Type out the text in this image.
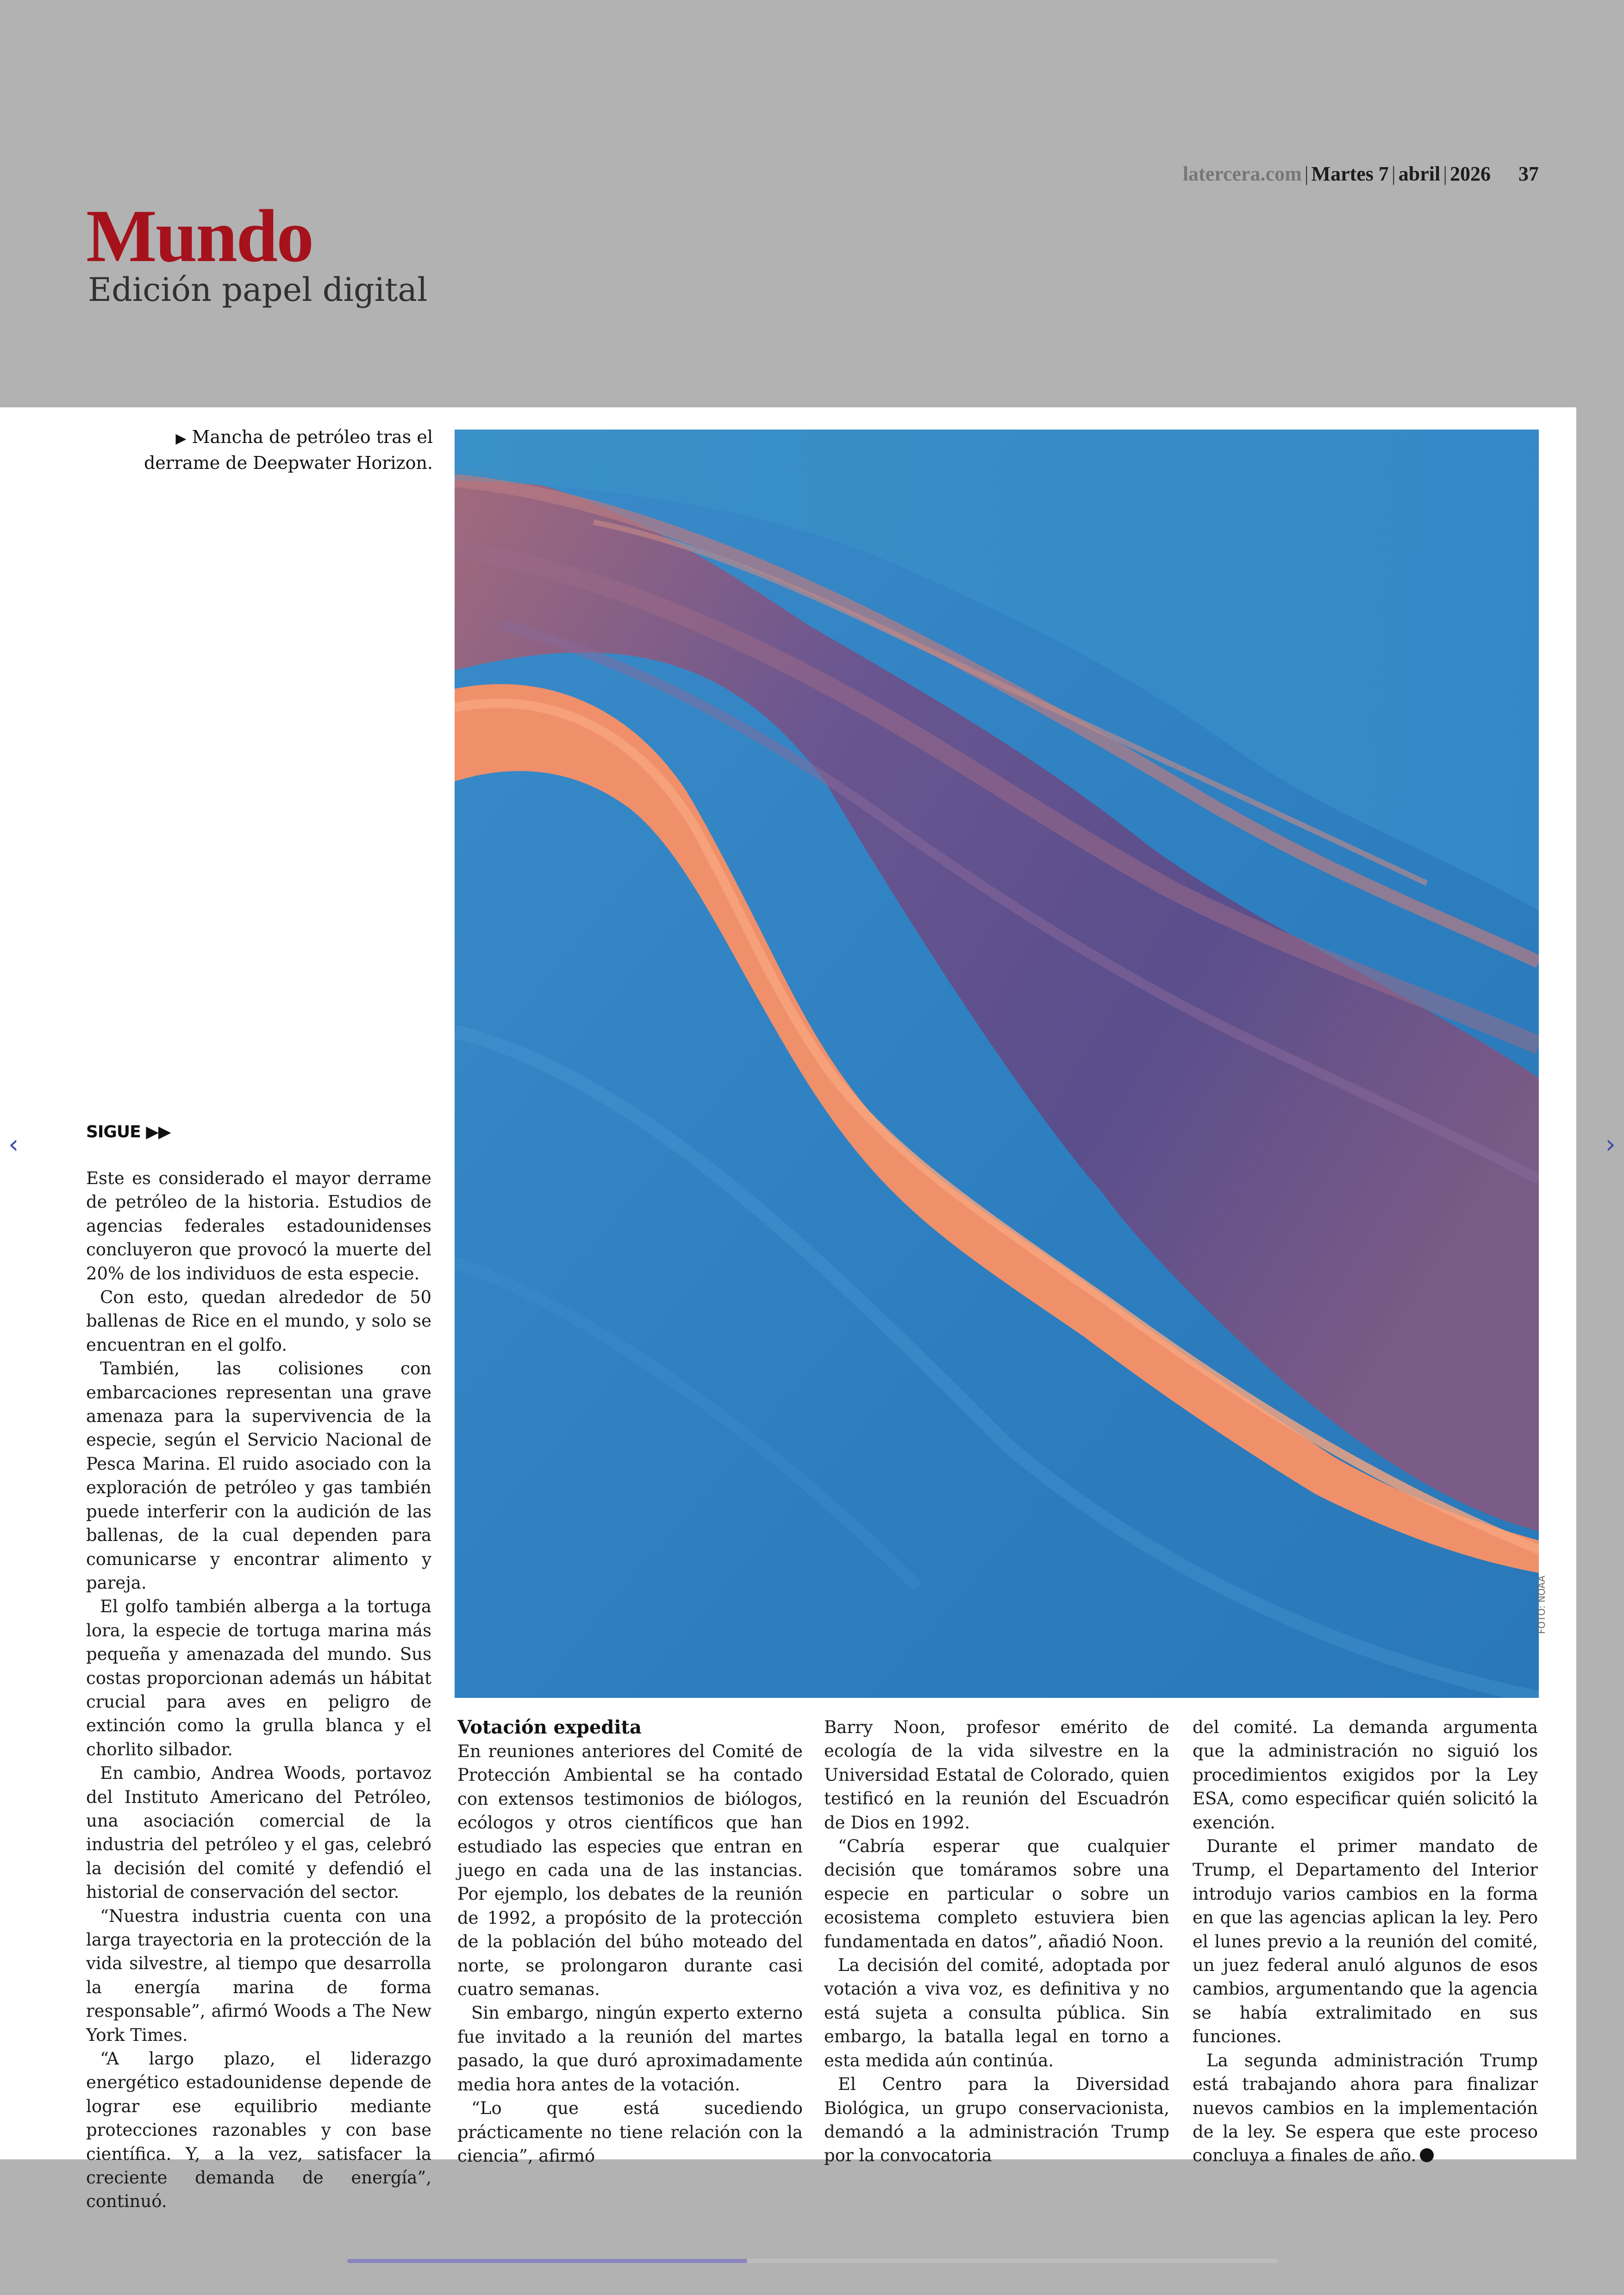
latercera.com | Martes 7 | abril | 2026 37
Mundo
Edición papel digital
▶ Mancha de petróleo tras el derrame de Deepwater Horizon.
FOTO: NOAA
SIGUE ▶▶

Este es considerado el mayor derrame de petróleo de la historia. Estudios de agencias federales estadounidenses concluyeron que provocó la muerte del 20% de los individuos de esta especie.

Con esto, quedan alrededor de 50 ballenas de Rice en el mundo, y solo se encuentran en el golfo.

También, las colisiones con embarcaciones representan una grave amenaza para la supervivencia de la especie, según el Servicio Nacional de Pesca Marina. El ruido asociado con la exploración de petróleo y gas también puede interferir con la audición de las ballenas, de la cual dependen para comunicarse y encontrar alimento y pareja.

El golfo también alberga a la tortuga lora, la especie de tortuga marina más pequeña y amenazada del mundo. Sus costas proporcionan además un hábitat crucial para aves en peligro de extinción como la grulla blanca y el chorlito silbador.

En cambio, Andrea Woods, portavoz del Instituto Americano del Petróleo, una asociación comercial de la industria del petróleo y el gas, celebró la decisión del comité y defendió el historial de conservación del sector.

“Nuestra industria cuenta con una larga trayectoria en la protección de la vida silvestre, al tiempo que desarrolla la energía marina de forma responsable”, afirmó Woods a The New York Times.

“A largo plazo, el liderazgo energético estadounidense depende de lograr ese equilibrio mediante protecciones razonables y con base científica. Y, a la vez, satisfacer la creciente demanda de energía”, continuó.

Votación expedita

En reuniones anteriores del Comité de Protección Ambiental se ha contado con extensos testimonios de biólogos, ecólogos y otros científicos que han estudiado las especies que entran en juego en cada una de las instancias. Por ejemplo, los debates de la reunión de 1992, a propósito de la protección de la población del búho moteado del norte, se prolongaron durante casi cuatro semanas.

Sin embargo, ningún experto externo fue invitado a la reunión del martes pasado, la que duró aproximadamente media hora antes de la votación.

“Lo que está sucediendo prácticamente no tiene relación con la ciencia”, afirmó

Barry Noon, profesor emérito de ecología de la vida silvestre en la Universidad Estatal de Colorado, quien testificó en la reunión del Escuadrón de Dios en 1992.

“Cabría esperar que cualquier decisión que tomáramos sobre una especie en particular o sobre un ecosistema completo estuviera bien fundamentada en datos”, añadió Noon.

La decisión del comité, adoptada por votación a viva voz, es definitiva y no está sujeta a consulta pública. Sin embargo, la batalla legal en torno a esta medida aún continúa.

El Centro para la Diversidad Biológica, un grupo conservacionista, demandó a la administración Trump por la convocatoria

del comité. La demanda argumenta que la administración no siguió los procedimientos exigidos por la Ley ESA, como especificar quién solicitó la exención.

Durante el primer mandato de Trump, el Departamento del Interior introdujo varios cambios en la forma en que las agencias aplican la ley. Pero el lunes previo a la reunión del comité, un juez federal anuló algunos de esos cambios, argumentando que la agencia se había extralimitado en sus funciones.

La segunda administración Trump está trabajando ahora para finalizar nuevos cambios en la implementación de la ley. Se espera que este proceso concluya a finales de año.

‹	›
